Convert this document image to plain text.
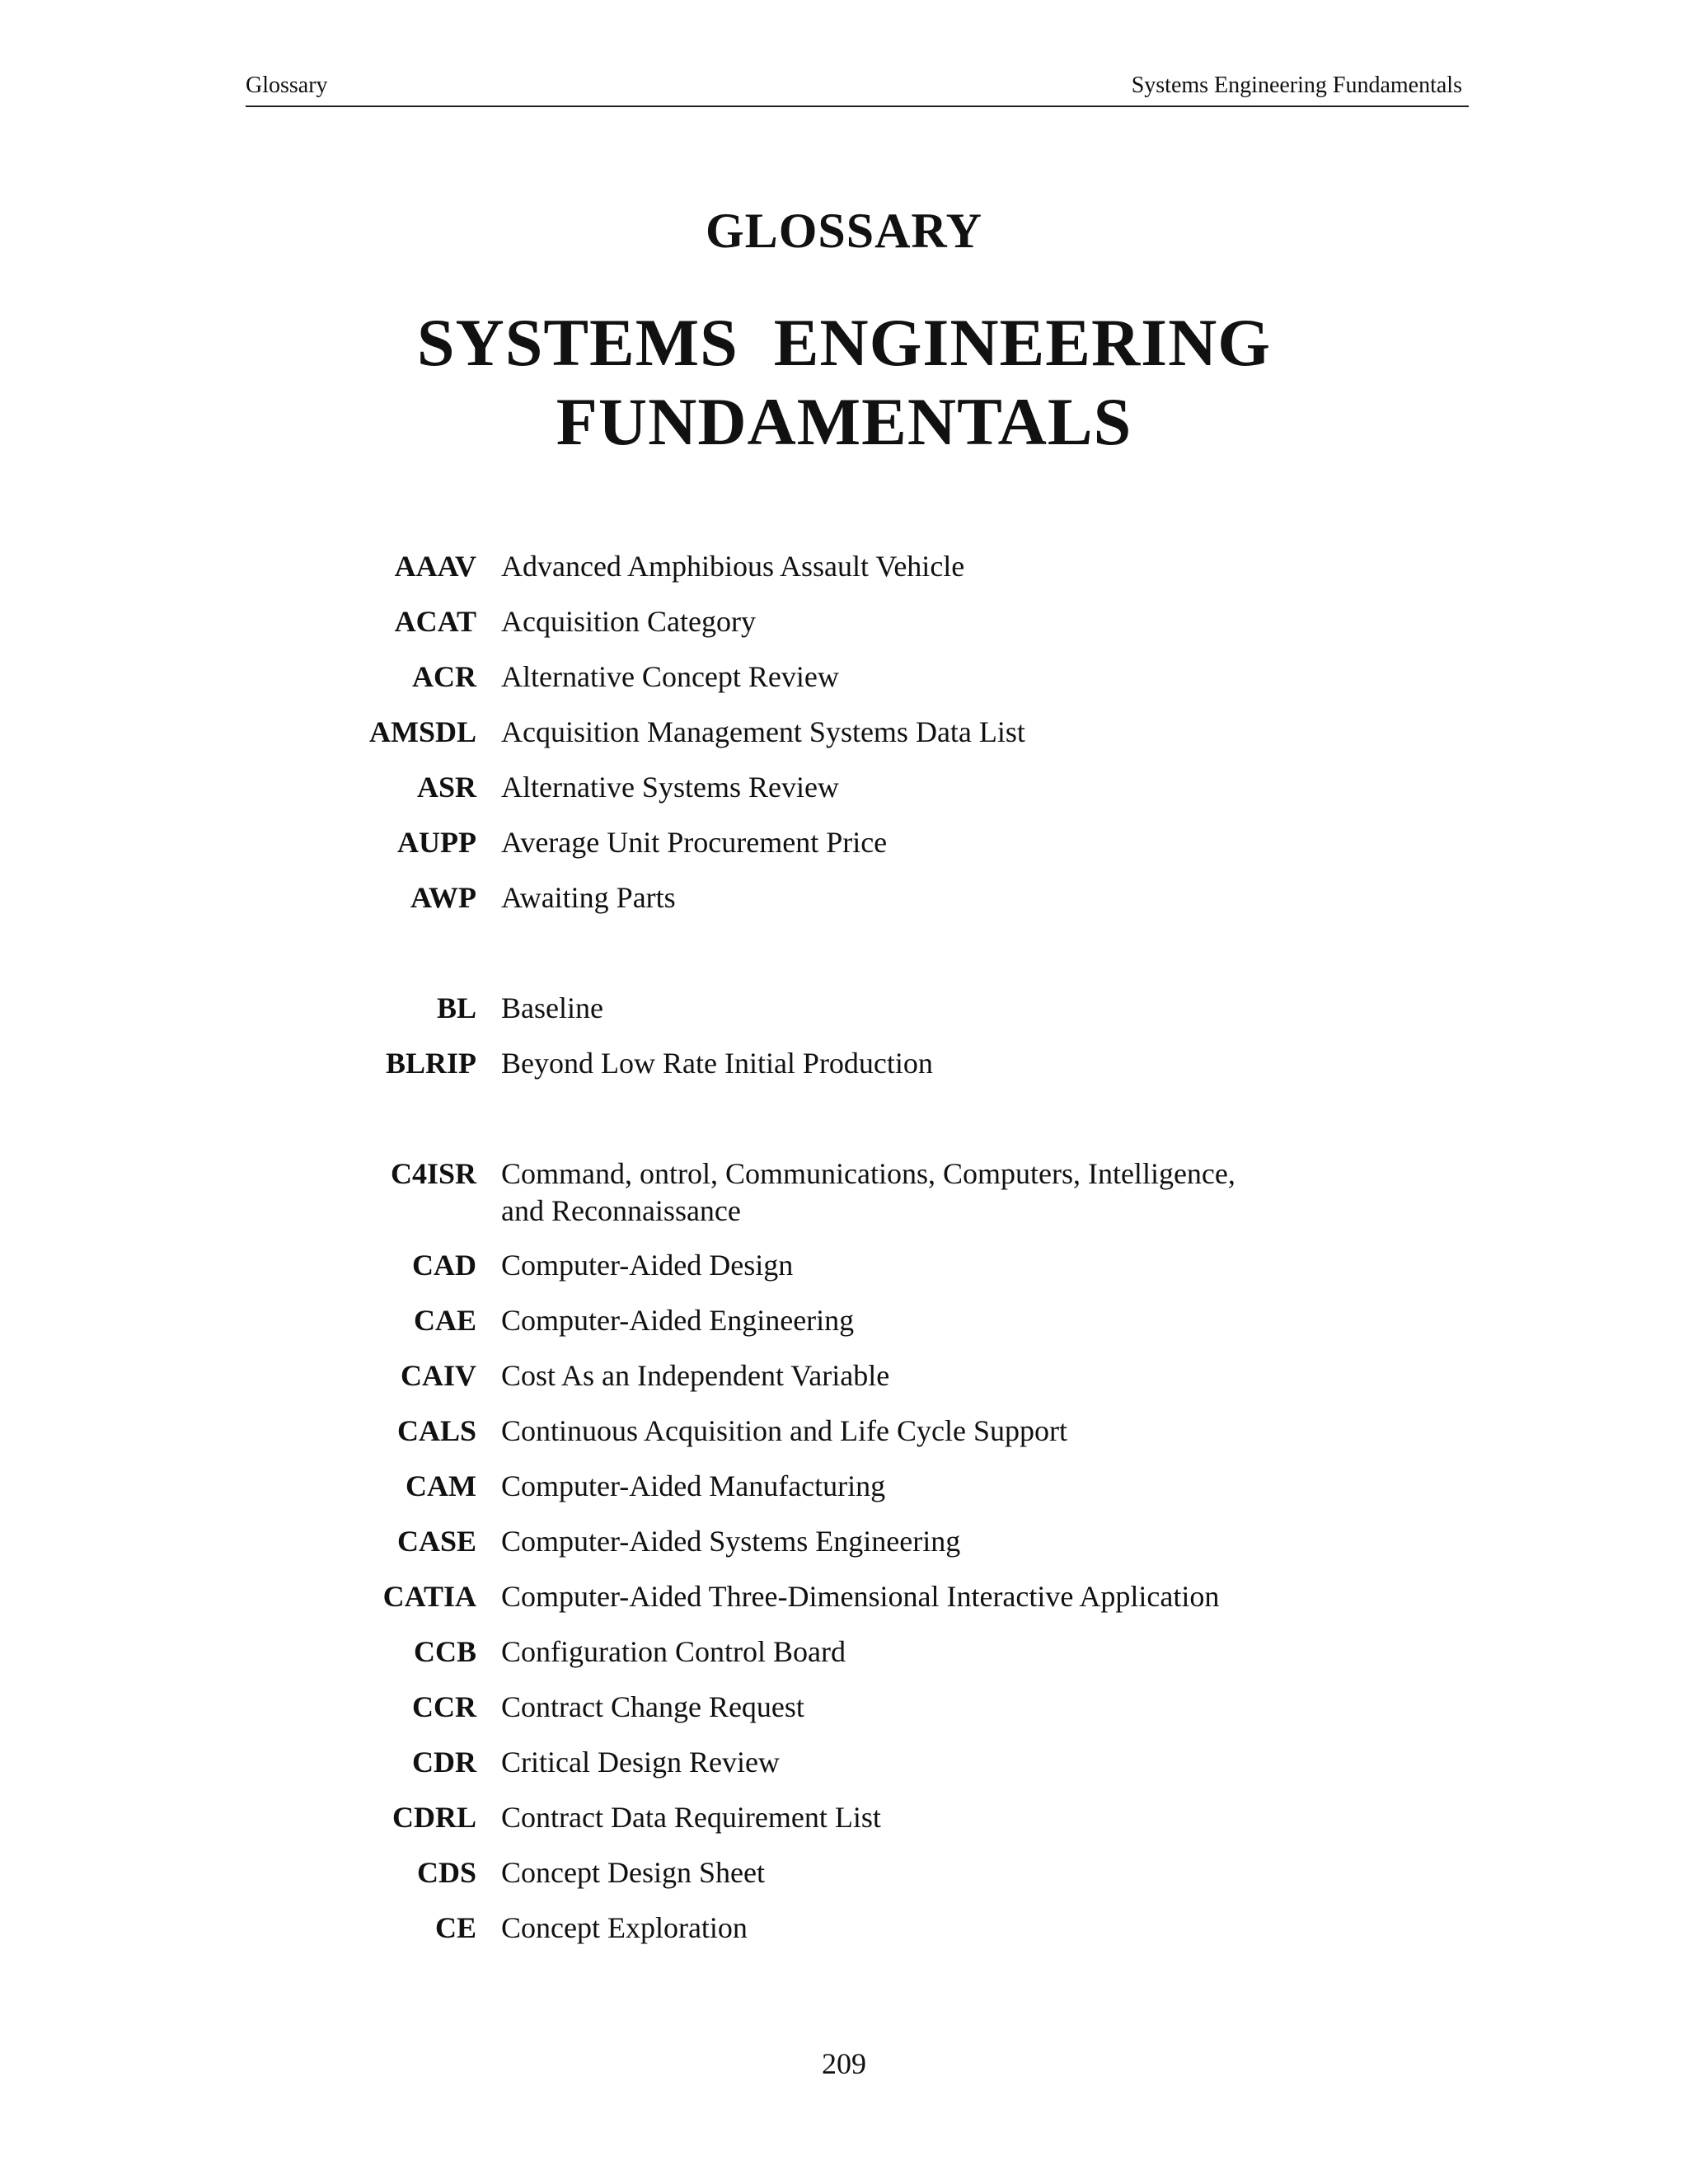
Glossary	Systems Engineering Fundamentals
GLOSSARY
SYSTEMS  ENGINEERING
FUNDAMENTALS
AAAV Advanced Amphibious Assault Vehicle
ACAT Acquisition Category
ACR Alternative Concept Review
AMSDL Acquisition Management Systems Data List
ASR Alternative Systems Review
AUPP Average Unit Procurement Price
AWP Awaiting Parts
BL Baseline
BLRIP Beyond Low Rate Initial Production
C4ISR Command, ontrol, Communications, Computers, Intelligence, and Reconnaissance
CAD Computer-Aided Design
CAE Computer-Aided Engineering
CAIV Cost As an Independent Variable
CALS Continuous Acquisition and Life Cycle Support
CAM Computer-Aided Manufacturing
CASE Computer-Aided Systems Engineering
CATIA Computer-Aided Three-Dimensional Interactive Application
CCB Configuration Control Board
CCR Contract Change Request
CDR Critical Design Review
CDRL Contract Data Requirement List
CDS Concept Design Sheet
CE Concept Exploration
209
